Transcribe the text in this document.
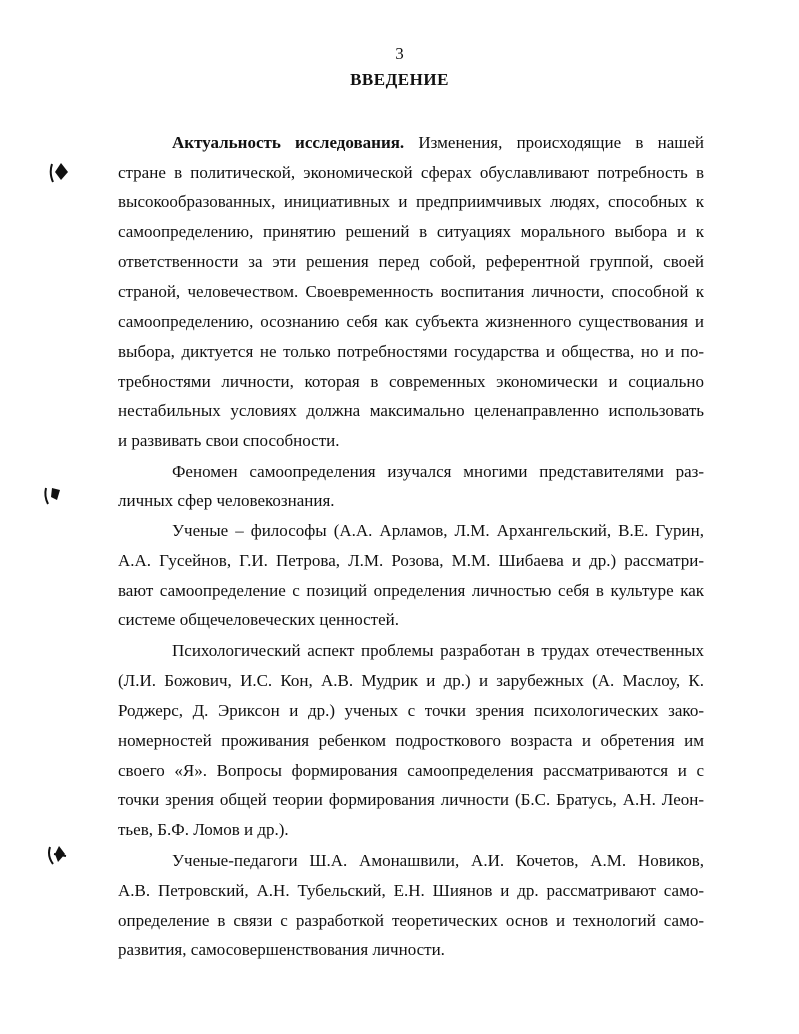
3
ВВЕДЕНИЕ
Актуальность исследования. Изменения, происходящие в нашей
стране в политической, экономической сферах обуславливают потребность в
высокообразованных, инициативных и предприимчивых людях, способных к
самоопределению, принятию решений в ситуациях морального выбора и к
ответственности за эти решения перед собой, референтной группой, своей
страной, человечеством. Своевременность воспитания личности, способной к
самоопределению, осознанию себя как субъекта жизненного существования и
выбора, диктуется не только потребностями государства и общества, но и по-
требностями личности, которая в современных экономически и социально
нестабильных условиях должна максимально целенаправленно использовать
и развивать свои способности.
Феномен самоопределения изучался многими представителями раз-
личных сфер человекознания.
Ученые – философы (А.А. Арламов, Л.М. Архангельский, В.Е. Гурин,
А.А. Гусейнов, Г.И. Петрова, Л.М. Розова, М.М. Шибаева и др.) рассматри-
вают самоопределение с позиций определения личностью себя в культуре как
системе общечеловеческих ценностей.
Психологический аспект проблемы разработан в трудах отечественных
(Л.И. Божович, И.С. Кон, А.В. Мудрик и др.) и зарубежных (А. Маслоу, К.
Роджерс, Д. Эриксон и др.) ученых с точки зрения психологических зако-
номерностей проживания ребенком подросткового возраста и обретения им
своего «Я». Вопросы формирования самоопределения рассматриваются и с
точки зрения общей теории формирования личности (Б.С. Братусь, А.Н. Леон-
тьев, Б.Ф. Ломов и др.).
Ученые-педагоги Ш.А. Амонашвили, А.И. Кочетов, А.М. Новиков,
А.В. Петровский, А.Н. Тубельский, Е.Н. Шиянов и др. рассматривают само-
определение в связи с разработкой теоретических основ и технологий само-
развития, самосовершенствования личности.
